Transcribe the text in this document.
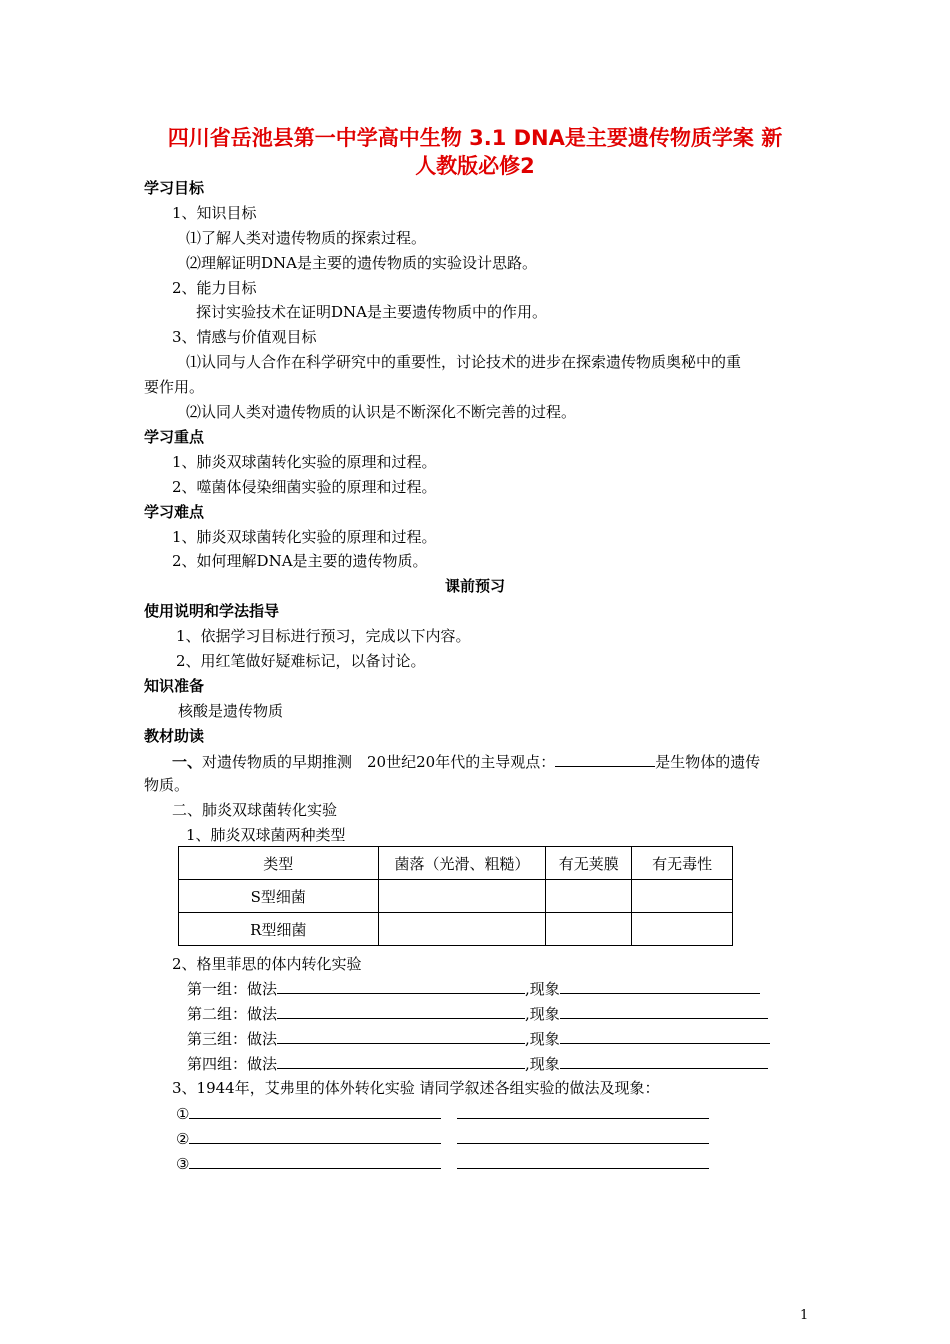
四川省岳池县第一中学高中生物 3.1 DNA是主要遗传物质学案 新
人教版必修2
学习目标
1、知识目标
⑴了解人类对遗传物质的探索过程。
⑵理解证明DNA是主要的遗传物质的实验设计思路。
2、能力目标
探讨实验技术在证明DNA是主要遗传物质中的作用。
3、情感与价值观目标
⑴认同与人合作在科学研究中的重要性，讨论技术的进步在探索遗传物质奥秘中的重
要作用。
⑵认同人类对遗传物质的认识是不断深化不断完善的过程。
学习重点
1、肺炎双球菌转化实验的原理和过程。
2、噬菌体侵染细菌实验的原理和过程。
学习难点
1、肺炎双球菌转化实验的原理和过程。
2、如何理解DNA是主要的遗传物质。
课前预习
使用说明和学法指导
1、依据学习目标进行预习，完成以下内容。
2、用红笔做好疑难标记，以备讨论。
知识准备
核酸是遗传物质
教材助读
一、对遗传物质的早期推测　20世纪20年代的主导观点：	是生物体的遗传
物质。
二、肺炎双球菌转化实验
1、肺炎双球菌两种类型
类型	菌落（光滑、粗糙）	有无荚膜	有无毒性
S型细菌			
R型细菌			
2、格里菲思的体内转化实验
第一组：做法	,现象
第二组：做法	,现象
第三组：做法	,现象
第四组：做法	,现象
3、1944年，艾弗里的体外转化实验 请同学叙述各组实验的做法及现象：
①
②
③
1
